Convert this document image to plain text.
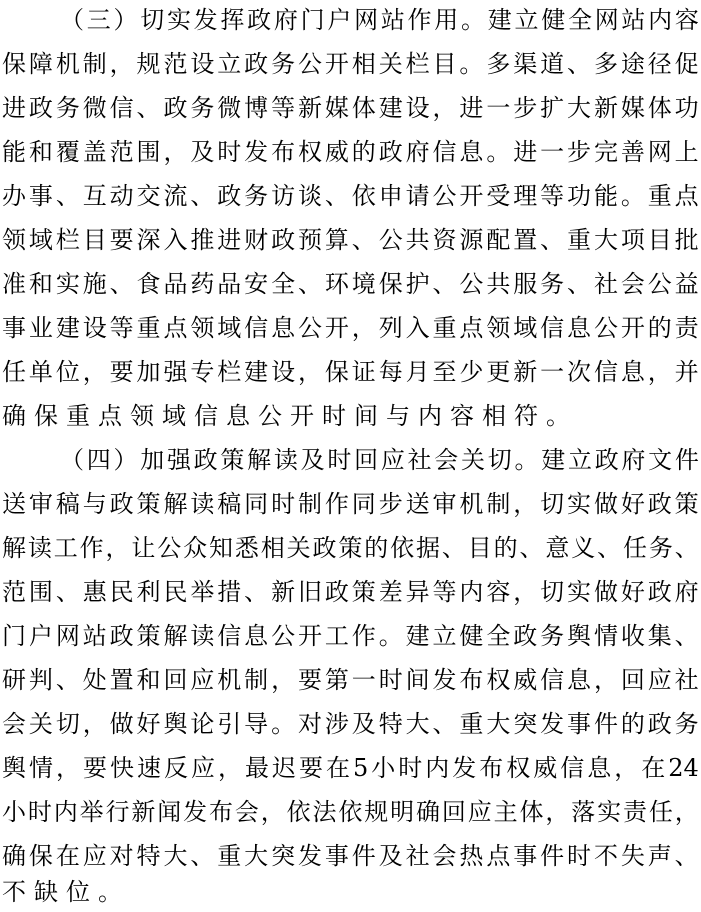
（ 三 ） 切 实 发 挥 政 府 门 户 网 站 作 用 。 建 立 健 全 网 站 内 容
保 障 机 制 ， 规 范 设 立 政 务 公 开 相 关 栏 目 。 多 渠 道 、 多 途 径 促
进 政 务 微 信 、 政 务 微 博 等 新 媒 体 建 设 ， 进 一 步 扩 大 新 媒 体 功
能 和 覆 盖 范 围 ， 及 时 发 布 权 威 的 政 府 信 息 。 进 一 步 完 善 网 上
办 事 、 互 动 交 流 、 政 务 访 谈 、 依 申 请 公 开 受 理 等 功 能 。 重 点
领 域 栏 目 要 深 入 推 进 财 政 预 算 、 公 共 资 源 配 置 、 重 大 项 目 批
准 和 实 施 、 食 品 药 品 安 全 、 环 境 保 护 、 公 共 服 务 、 社 会 公 益
事 业 建 设 等 重 点 领 域 信 息 公 开 ， 列 入 重 点 领 域 信 息 公 开 的 责
任 单 位 ， 要 加 强 专 栏 建 设 ， 保 证 每 月 至 少 更 新 一 次 信 息 ， 并
确 保 重 点 领 域 信 息 公 开 时 间 与 内 容 相 符 。
（ 四 ） 加 强 政 策 解 读 及 时 回 应 社 会 关 切 。 建 立 政 府 文 件
送 审 稿 与 政 策 解 读 稿 同 时 制 作 同 步 送 审 机 制 ， 切 实 做 好 政 策
解 读 工 作 ， 让 公 众 知 悉 相 关 政 策 的 依 据 、 目 的 、 意 义 、 任 务 、
范 围 、 惠 民 利 民 举 措 、 新 旧 政 策 差 异 等 内 容 ， 切 实 做 好 政 府
门 户 网 站 政 策 解 读 信 息 公 开 工 作 。 建 立 健 全 政 务 舆 情 收 集 、
研 判 、 处 置 和 回 应 机 制 ， 要 第 一 时 间 发 布 权 威 信 息 ， 回 应 社
会 关 切 ， 做 好 舆 论 引 导 。 对 涉 及 特 大 、 重 大 突 发 事 件 的 政 务
舆 情 ， 要 快 速 反 应 ， 最 迟 要 在 5 小 时 内 发 布 权 威 信 息 ， 在 24
小 时 内 举 行 新 闻 发 布 会 ， 依 法 依 规 明 确 回 应 主 体 ， 落 实 责 任 ，
确 保 在 应 对 特 大 、 重 大 突 发 事 件 及 社 会 热 点 事 件 时 不 失 声 、
不 缺 位 。
